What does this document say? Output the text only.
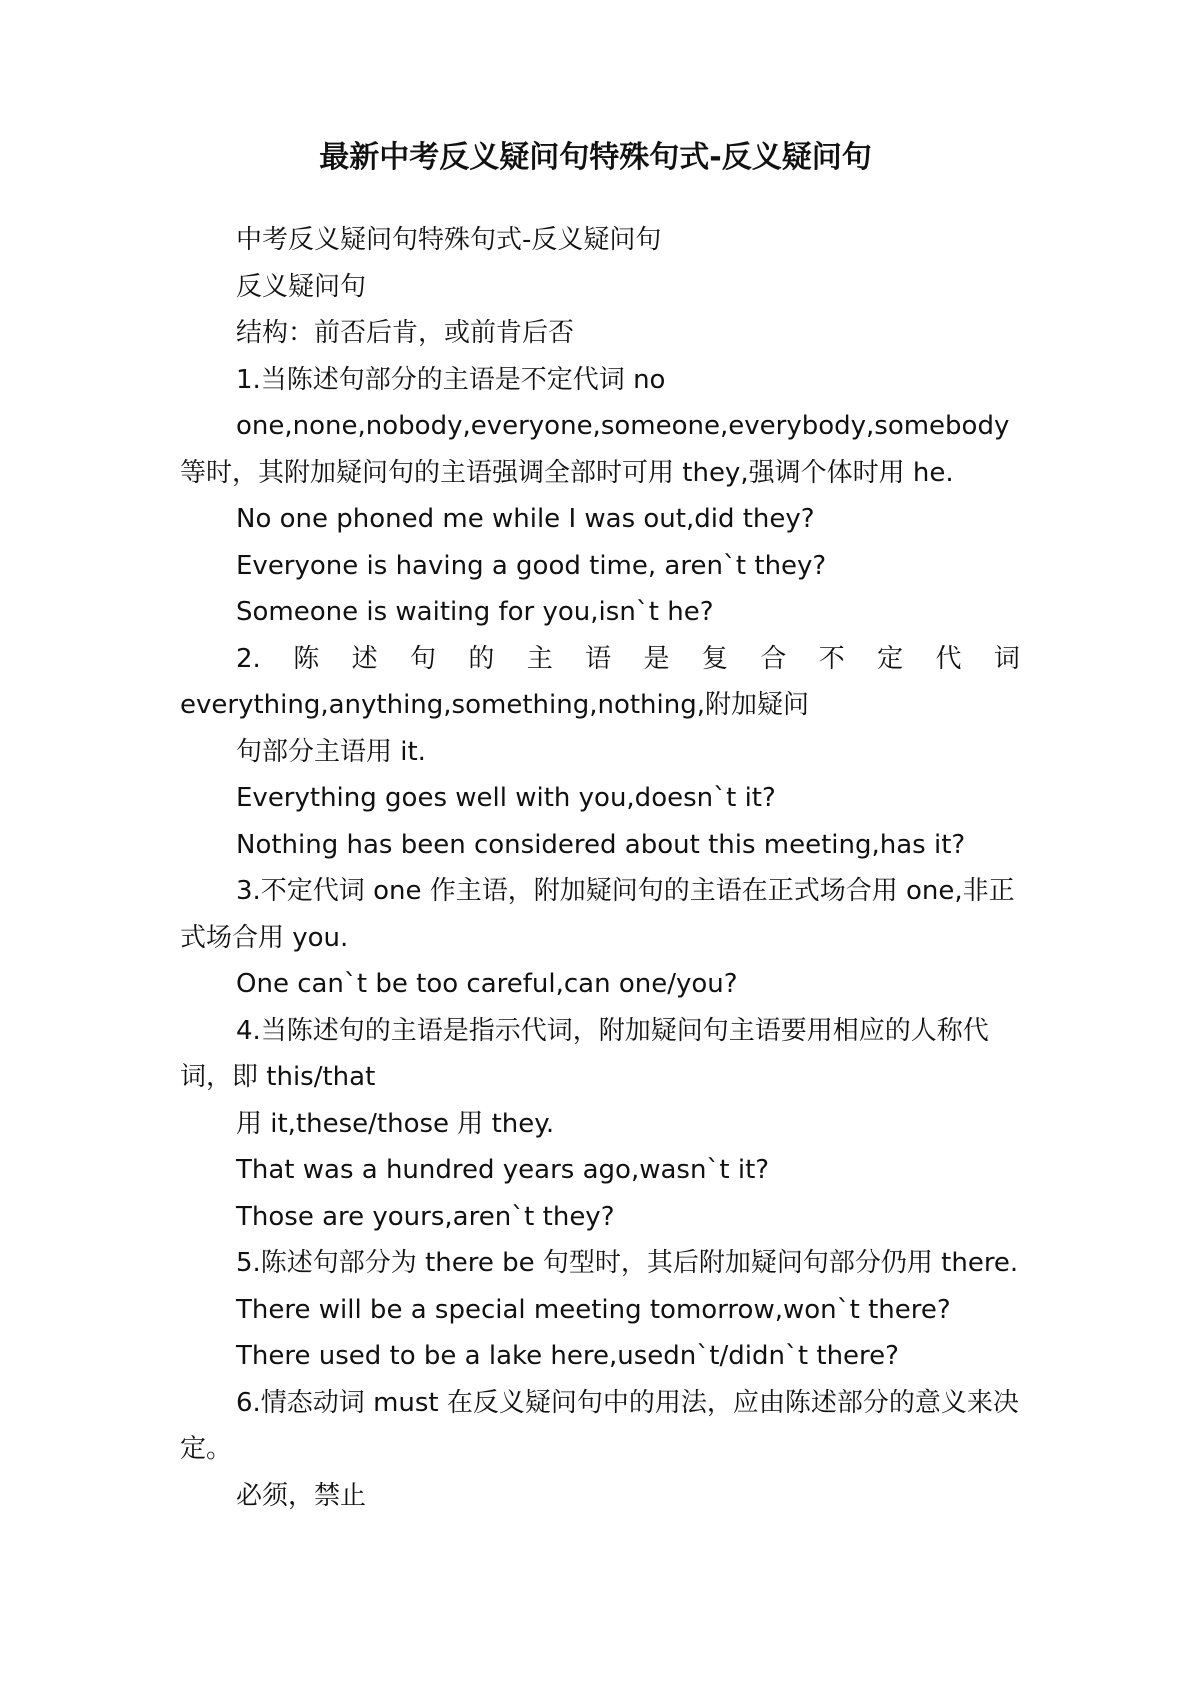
最新中考反义疑问句特殊句式-反义疑问句

中考反义疑问句特殊句式-反义疑问句

反义疑问句

结构：前否后肯，或前肯后否

1.当陈述句部分的主语是不定代词 no

one,none,nobody,everyone,someone,everybody,somebody

等时，其附加疑问句的主语强调全部时可用 they,强调个体时用 he.

No one phoned me while I was out,did they?

Everyone is having a good time, aren`t they?

Someone is waiting for you,isn`t he?

2. 陈 述 句 的 主 语 是 复 合 不 定 代 词

everything,anything,something,nothing,附加疑问

句部分主语用 it.

Everything goes well with you,doesn`t it?

Nothing has been considered about this meeting,has it?

3.不定代词 one 作主语，附加疑问句的主语在正式场合用 one,非正式场合用 you.

One can`t be too careful,can one/you?

4.当陈述句的主语是指示代词，附加疑问句主语要用相应的人称代词，即 this/that

用 it,these/those 用 they.

That was a hundred years ago,wasn`t it?

Those are yours,aren`t they?

5.陈述句部分为 there be 句型时，其后附加疑问句部分仍用 there.

There will be a special meeting tomorrow,won`t there?

There used to be a lake here,usedn`t/didn`t there?

6.情态动词 must 在反义疑问句中的用法，应由陈述部分的意义来决定。

必须，禁止
